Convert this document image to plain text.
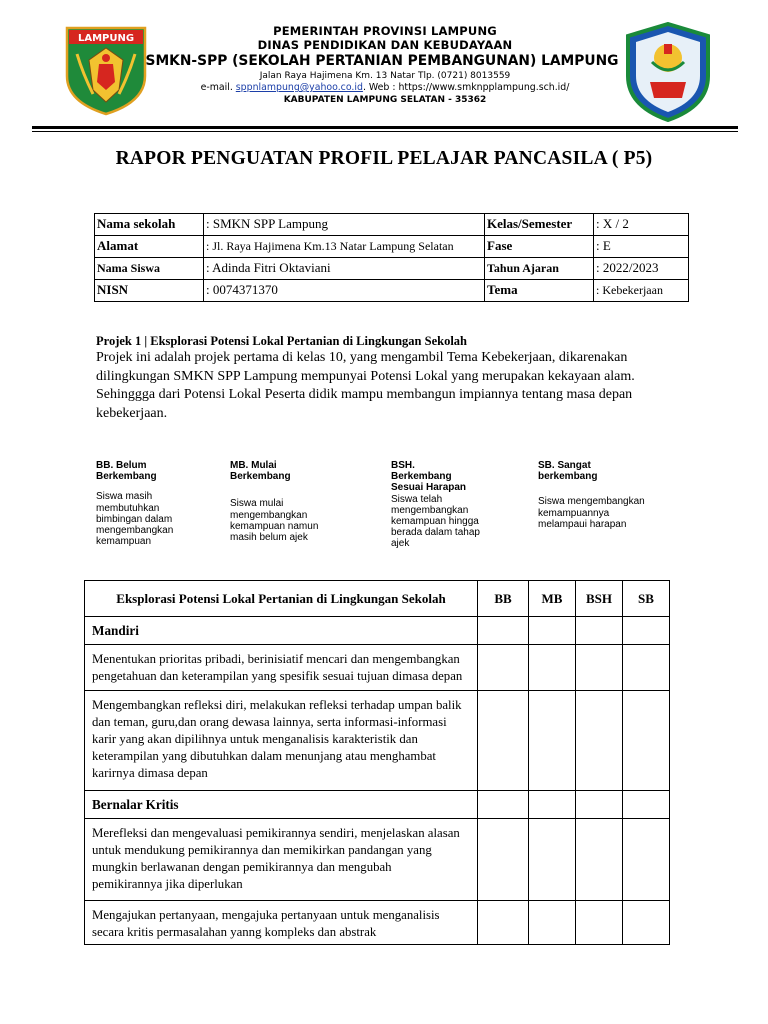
LAMPUNG
PEMERINTAH PROVINSI LAMPUNG
DINAS PENDIDIKAN DAN KEBUDAYAAN
SMKN-SPP (SEKOLAH PERTANIAN PEMBANGUNAN) LAMPUNG
Jalan Raya Hajimena Km. 13 Natar Tlp. (0721) 8013559
e-mail. sppnlampung@yahoo.co.id. Web : https://www.smknpplampung.sch.id/
KABUPATEN LAMPUNG SELATAN - 35362
RAPOR PENGUATAN PROFIL PELAJAR PANCASILA ( P5)
Nama sekolah	: SMKN SPP Lampung	Kelas/Semester	: X / 2
Alamat	: Jl. Raya Hajimena Km.13 Natar Lampung Selatan	Fase	: E
Nama Siswa	: Adinda Fitri Oktaviani	Tahun Ajaran	: 2022/2023
NISN	: 0074371370	Tema	: Kebekerjaan
Projek 1 | Eksplorasi Potensi Lokal Pertanian di Lingkungan Sekolah
Projek ini adalah projek pertama di kelas 10, yang mengambil Tema Kebekerjaan, dikarenakan dilingkungan SMKN SPP Lampung mempunyai Potensi Lokal yang merupakan kekayaan alam. Sehinggga dari Potensi Lokal Peserta didik mampu membangun impiannya tentang masa depan kebekerjaan.
BB. Belum
Berkembang
Siswa masih
membutuhkan
bimbingan dalam
mengembangkan
kemampuan
MB. Mulai
Berkembang
Siswa mulai
mengembangkan
kemampuan namun
masih belum ajek
BSH.
Berkembang
Sesuai Harapan
Siswa telah
mengembangkan
kemampuan hingga
berada dalam tahap
ajek
SB. Sangat
berkembang
Siswa mengembangkan
kemampuannya
melampaui harapan
Eksplorasi Potensi Lokal Pertanian di Lingkungan Sekolah	BB	MB	BSH	SB
Mandiri				

Menentukan prioritas pribadi, berinisiatif mencari dan mengembangkan
pengetahuan dan keterampilan yang spesifik sesuai tujuan dimasa depan				

Mengembangkan refleksi diri, melakukan refleksi terhadap umpan balik
dan teman, guru,dan orang dewasa lainnya, serta informasi-informasi
karir yang akan dipilihnya untuk menganalisis karakteristik dan
keterampilan yang dibutuhkan dalam menunjang atau menghambat
karirnya dimasa depan				

Bernalar Kritis				

Merefleksi dan mengevaluasi pemikirannya sendiri, menjelaskan alasan
untuk mendukung pemikirannya dan memikirkan pandangan yang
mungkin berlawanan dengan pemikirannya dan mengubah
pemikirannya jika diperlukan				

Mengajukan pertanyaan, mengajuka pertanyaan untuk menganalisis
secara kritis permasalahan yanng kompleks dan abstrak				
